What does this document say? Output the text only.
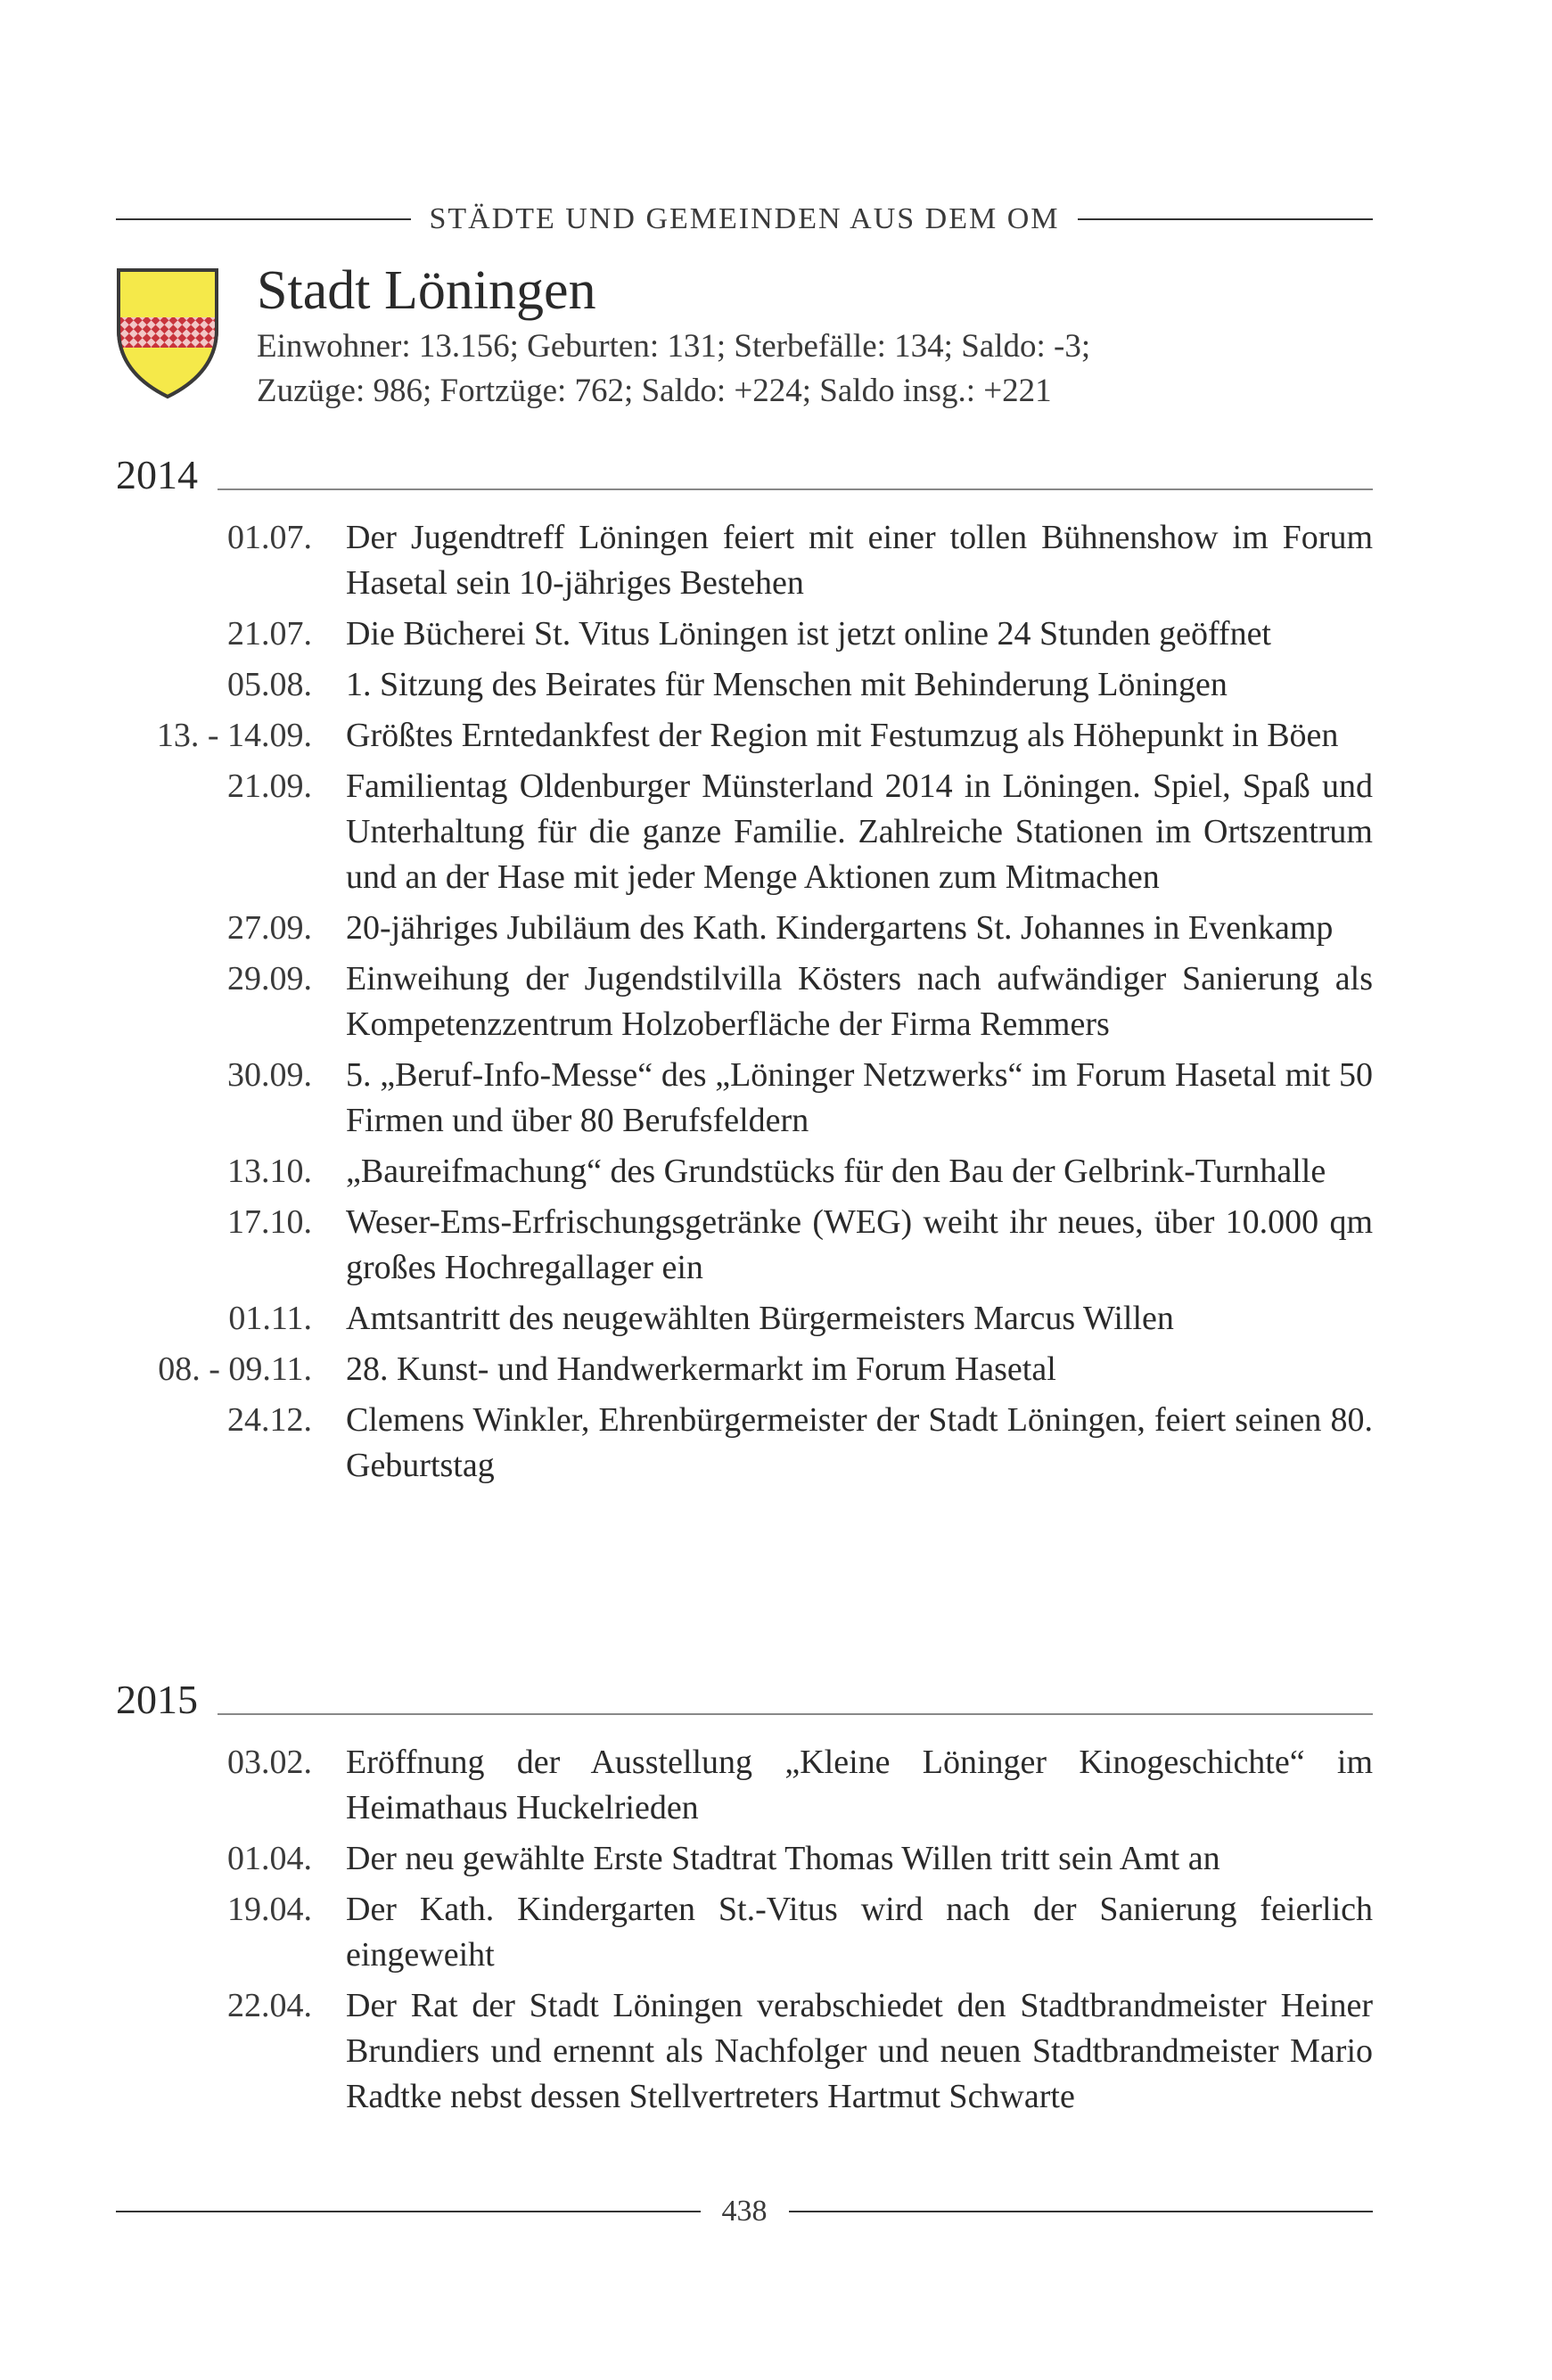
STÄDTE UND GEMEINDEN AUS DEM OM
Stadt Löningen
Einwohner: 13.156; Geburten: 131; Sterbefälle: 134; Saldo: -3;
Zuzüge: 986; Fortzüge: 762; Saldo: +224; Saldo insg.: +221
2014
01.07. Der Jugendtreff Löningen feiert mit einer tollen Bühnenshow im Forum Hasetal sein 10-jähriges Bestehen
21.07. Die Bücherei St. Vitus Löningen ist jetzt online 24 Stunden geöffnet
05.08. 1. Sitzung des Beirates für Menschen mit Behinderung Löningen
13. - 14.09. Größtes Erntedankfest der Region mit Festumzug als Höhepunkt in Böen
21.09. Familientag Oldenburger Münsterland 2014 in Löningen. Spiel, Spaß und Unterhaltung für die ganze Familie. Zahlreiche Stationen im Ortszentrum und an der Hase mit jeder Menge Aktionen zum Mitmachen
27.09. 20-jähriges Jubiläum des Kath. Kindergartens St. Johannes in Evenkamp
29.09. Einweihung der Jugendstilvilla Kösters nach aufwändiger Sanierung als Kompetenzzentrum Holzoberfläche der Firma Remmers
30.09. 5. „Beruf-Info-Messe“ des „Löninger Netzwerks“ im Forum Hasetal mit 50 Firmen und über 80 Berufsfeldern
13.10. „Baureifmachung“ des Grundstücks für den Bau der Gelbrink-Turnhalle
17.10. Weser-Ems-Erfrischungsgetränke (WEG) weiht ihr neues, über 10.000 qm großes Hochregallager ein
01.11. Amtsantritt des neugewählten Bürgermeisters Marcus Willen
08. - 09.11. 28. Kunst- und Handwerkermarkt im Forum Hasetal
24.12. Clemens Winkler, Ehrenbürgermeister der Stadt Löningen, feiert seinen 80. Geburtstag
2015
03.02. Eröffnung der Ausstellung „Kleine Löninger Kinogeschichte“ im Heimathaus Huckelrieden
01.04. Der neu gewählte Erste Stadtrat Thomas Willen tritt sein Amt an
19.04. Der Kath. Kindergarten St.-Vitus wird nach der Sanierung feierlich eingeweiht
22.04. Der Rat der Stadt Löningen verabschiedet den Stadtbrandmeister Heiner Brundiers und ernennt als Nachfolger und neuen Stadtbrandmeister Mario Radtke nebst dessen Stellvertreters Hartmut Schwarte
438
